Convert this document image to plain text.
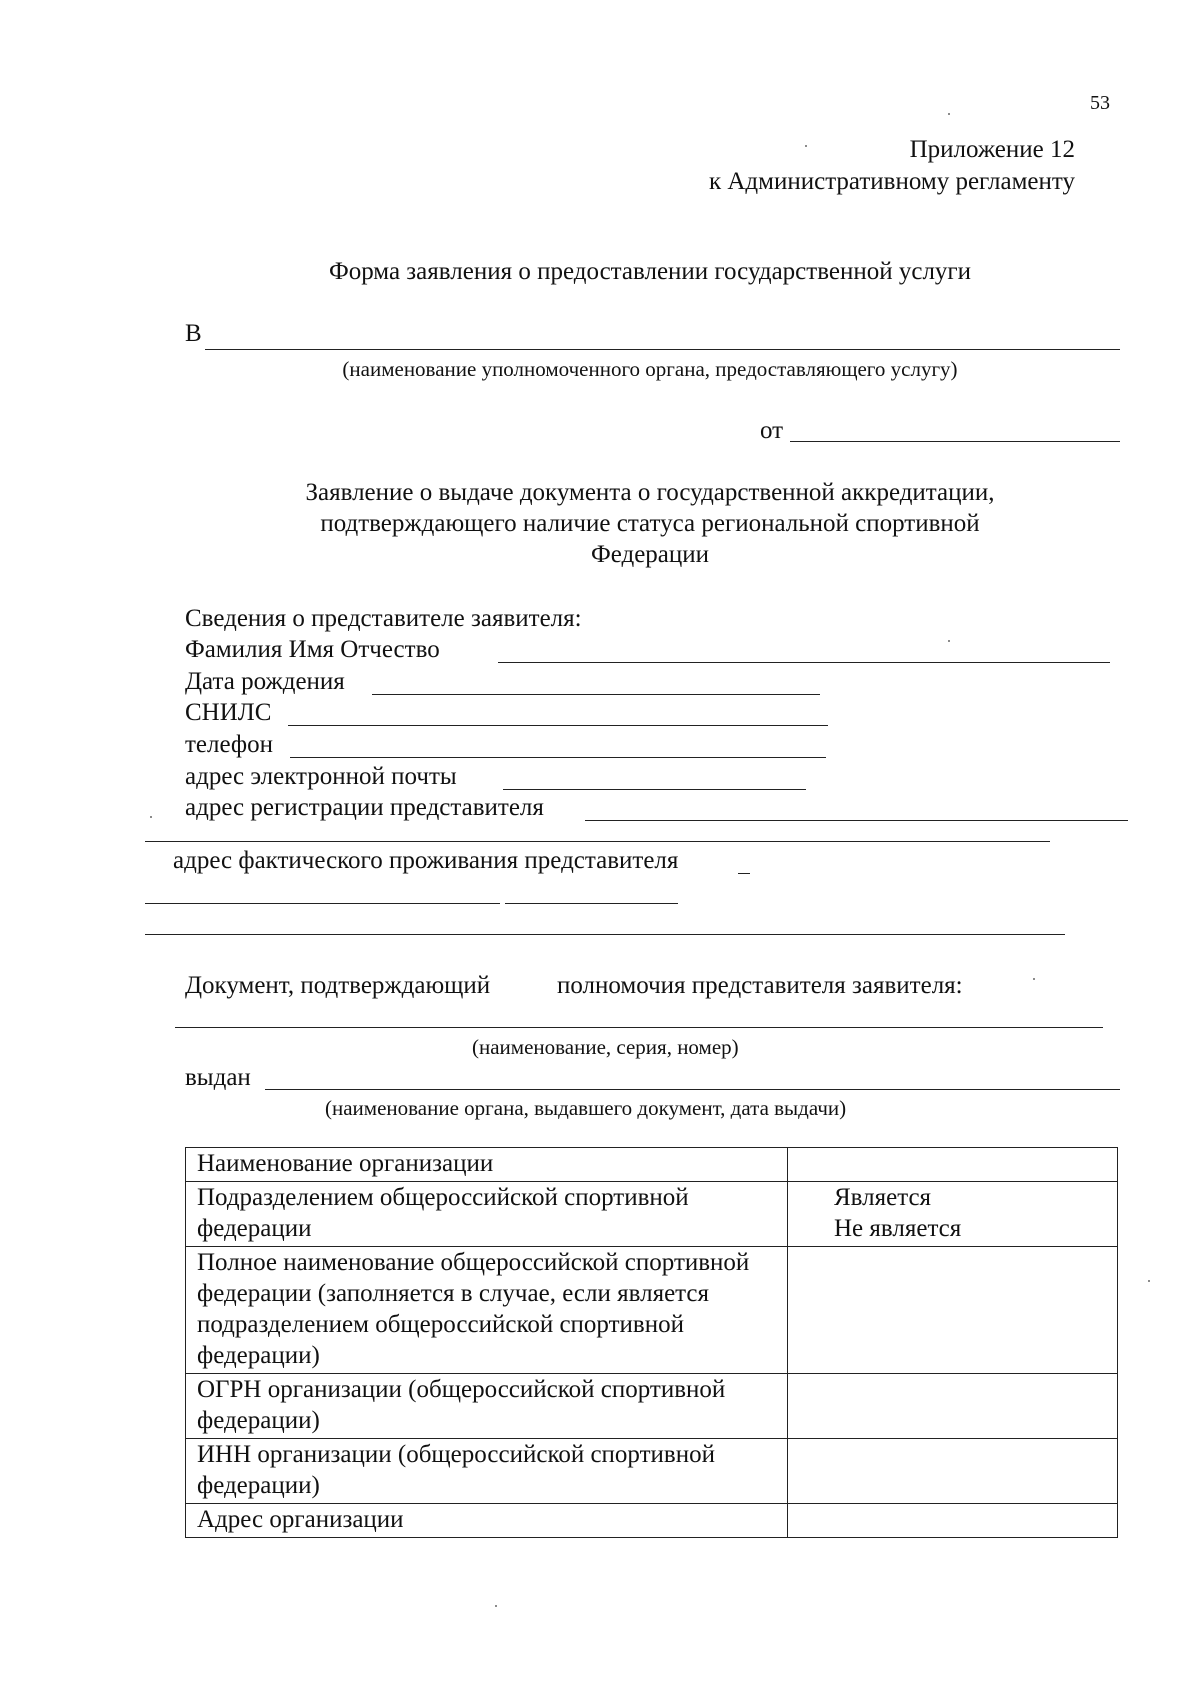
53
Приложение 12
к Административному регламенту
Форма заявления о предоставлении государственной услуги
В
(наименование уполномоченного органа, предоставляющего услугу)
от
Заявление о выдаче документа о государственной аккредитации,
подтверждающего наличие статуса региональной спортивной
Федерации
Сведения о представителе заявителя:
Фамилия Имя Отчество
Дата рождения
СНИЛС
телефон
адрес электронной почты
адрес регистрации представителя
адрес фактического проживания представителя
Документ, подтверждающий	полномочия представителя заявителя:
(наименование, серия, номер)
выдан
(наименование органа, выдавшего документ, дата выдачи)
Наименование организации	
Подразделением общероссийской спортивной федерации	Является
Не является

Полное наименование общероссийской спортивной федерации (заполняется в случае, если является подразделением общероссийской спортивной федерации)	
ОГРН организации (общероссийской спортивной федерации)	
ИНН организации (общероссийской спортивной федерации)	
Адрес организации	
